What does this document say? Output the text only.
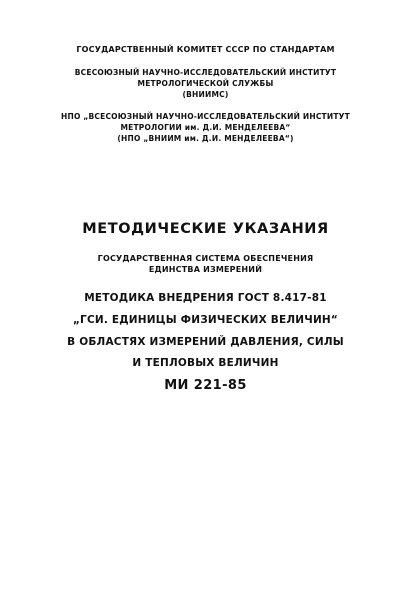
ГОСУДАРСТВЕННЫЙ КОМИТЕТ СССР ПО СТАНДАРТАМ
ВСЕСОЮЗНЫЙ НАУЧНО-ИССЛЕДОВАТЕЛЬСКИЙ ИНСТИТУТ
МЕТРОЛОГИЧЕСКОЙ СЛУЖБЫ
(ВНИИМС)
НПО „ВСЕСОЮЗНЫЙ НАУЧНО-ИССЛЕДОВАТЕЛЬСКИЙ ИНСТИТУТ
МЕТРОЛОГИИ им. Д.И. МЕНДЕЛЕЕВА“
(НПО „ВНИИМ им. Д.И. МЕНДЕЛЕЕВА“)
МЕТОДИЧЕСКИЕ УКАЗАНИЯ
ГОСУДАРСТВЕННАЯ СИСТЕМА ОБЕСПЕЧЕНИЯ
ЕДИНСТВА ИЗМЕРЕНИЙ
МЕТОДИКА ВНЕДРЕНИЯ ГОСТ 8.417-81
„ГСИ. ЕДИНИЦЫ ФИЗИЧЕСКИХ ВЕЛИЧИН“
В ОБЛАСТЯХ ИЗМЕРЕНИЙ ДАВЛЕНИЯ, СИЛЫ
И ТЕПЛОВЫХ ВЕЛИЧИН
МИ 221-85
